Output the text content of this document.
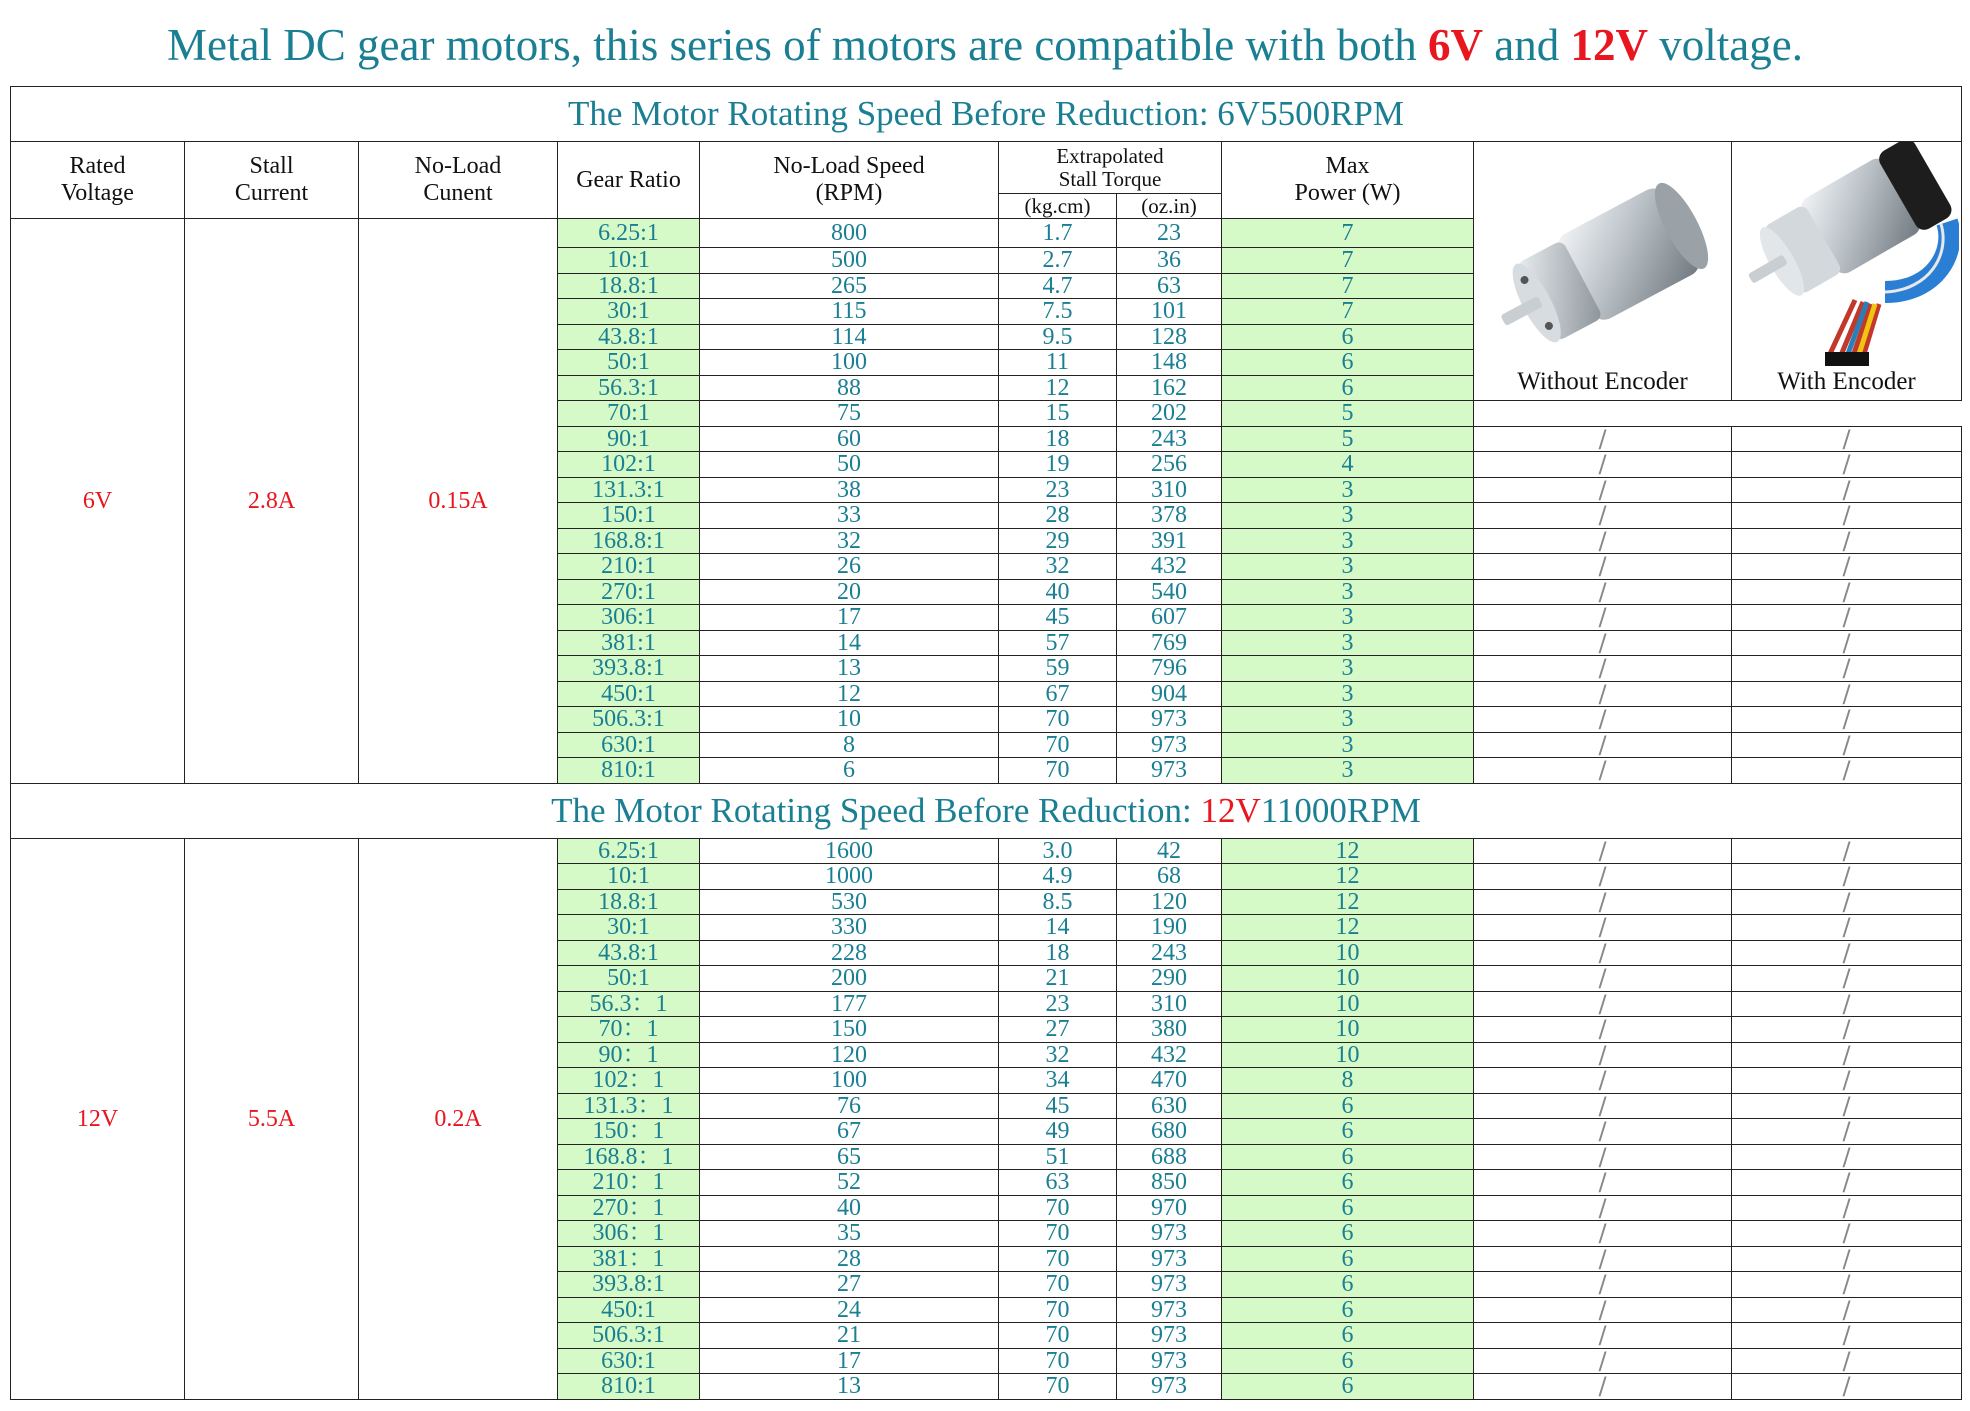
Metal DC gear motors, this series of motors are compatible with both 6V and 12V voltage.
The Motor Rotating Speed Before Reduction: 6V5500RPM									
Rated Voltage	Stall Current	No-Load Cunent	Gear Ratio	No-Load Speed (RPM)	Extrapolated Stall Torque		Max Power (W)	Without Encoder	With Encoder

					(kg.cm)	(oz.in)			
6V	2.8A	0.15A	6.25:1	800	1.7	23	7		
			10:1	500	2.7	36	7		
			18.8:1	265	4.7	63	7		
			30:1	115	7.5	101	7		
			43.8:1	114	9.5	128	6		
			50:1	100	11	148	6		
			56.3:1	88	12	162	6		
			70:1	75	15	202	5		
			90:1	60	18	243	5	/	/
			102:1	50	19	256	4	/	/
			131.3:1	38	23	310	3	/	/
			150:1	33	28	378	3	/	/
			168.8:1	32	29	391	3	/	/
			210:1	26	32	432	3	/	/
			270:1	20	40	540	3	/	/
			306:1	17	45	607	3	/	/
			381:1	14	57	769	3	/	/
			393.8:1	13	59	796	3	/	/
			450:1	12	67	904	3	/	/
			506.3:1	10	70	973	3	/	/
			630:1	8	70	973	3	/	/
			810:1	6	70	973	3	/	/
The Motor Rotating Speed Before Reduction: 12V11000RPM									
12V	5.5A	0.2A	6.25:1	1600	3.0	42	12	/	/
			10:1	1000	4.9	68	12	/	/
			18.8:1	530	8.5	120	12	/	/
			30:1	330	14	190	12	/	/
			43.8:1	228	18	243	10	/	/
			50:1	200	21	290	10	/	/
			56.3：1	177	23	310	10	/	/
			70：1	150	27	380	10	/	/
			90：1	120	32	432	10	/	/
			102：1	100	34	470	8	/	/
			131.3：1	76	45	630	6	/	/
			150：1	67	49	680	6	/	/
			168.8：1	65	51	688	6	/	/
			210：1	52	63	850	6	/	/
			270：1	40	70	970	6	/	/
			306：1	35	70	973	6	/	/
			381：1	28	70	973	6	/	/
			393.8:1	27	70	973	6	/	/
			450:1	24	70	973	6	/	/
			506.3:1	21	70	973	6	/	/
			630:1	17	70	973	6	/	/
			810:1	13	70	973	6	/	/
